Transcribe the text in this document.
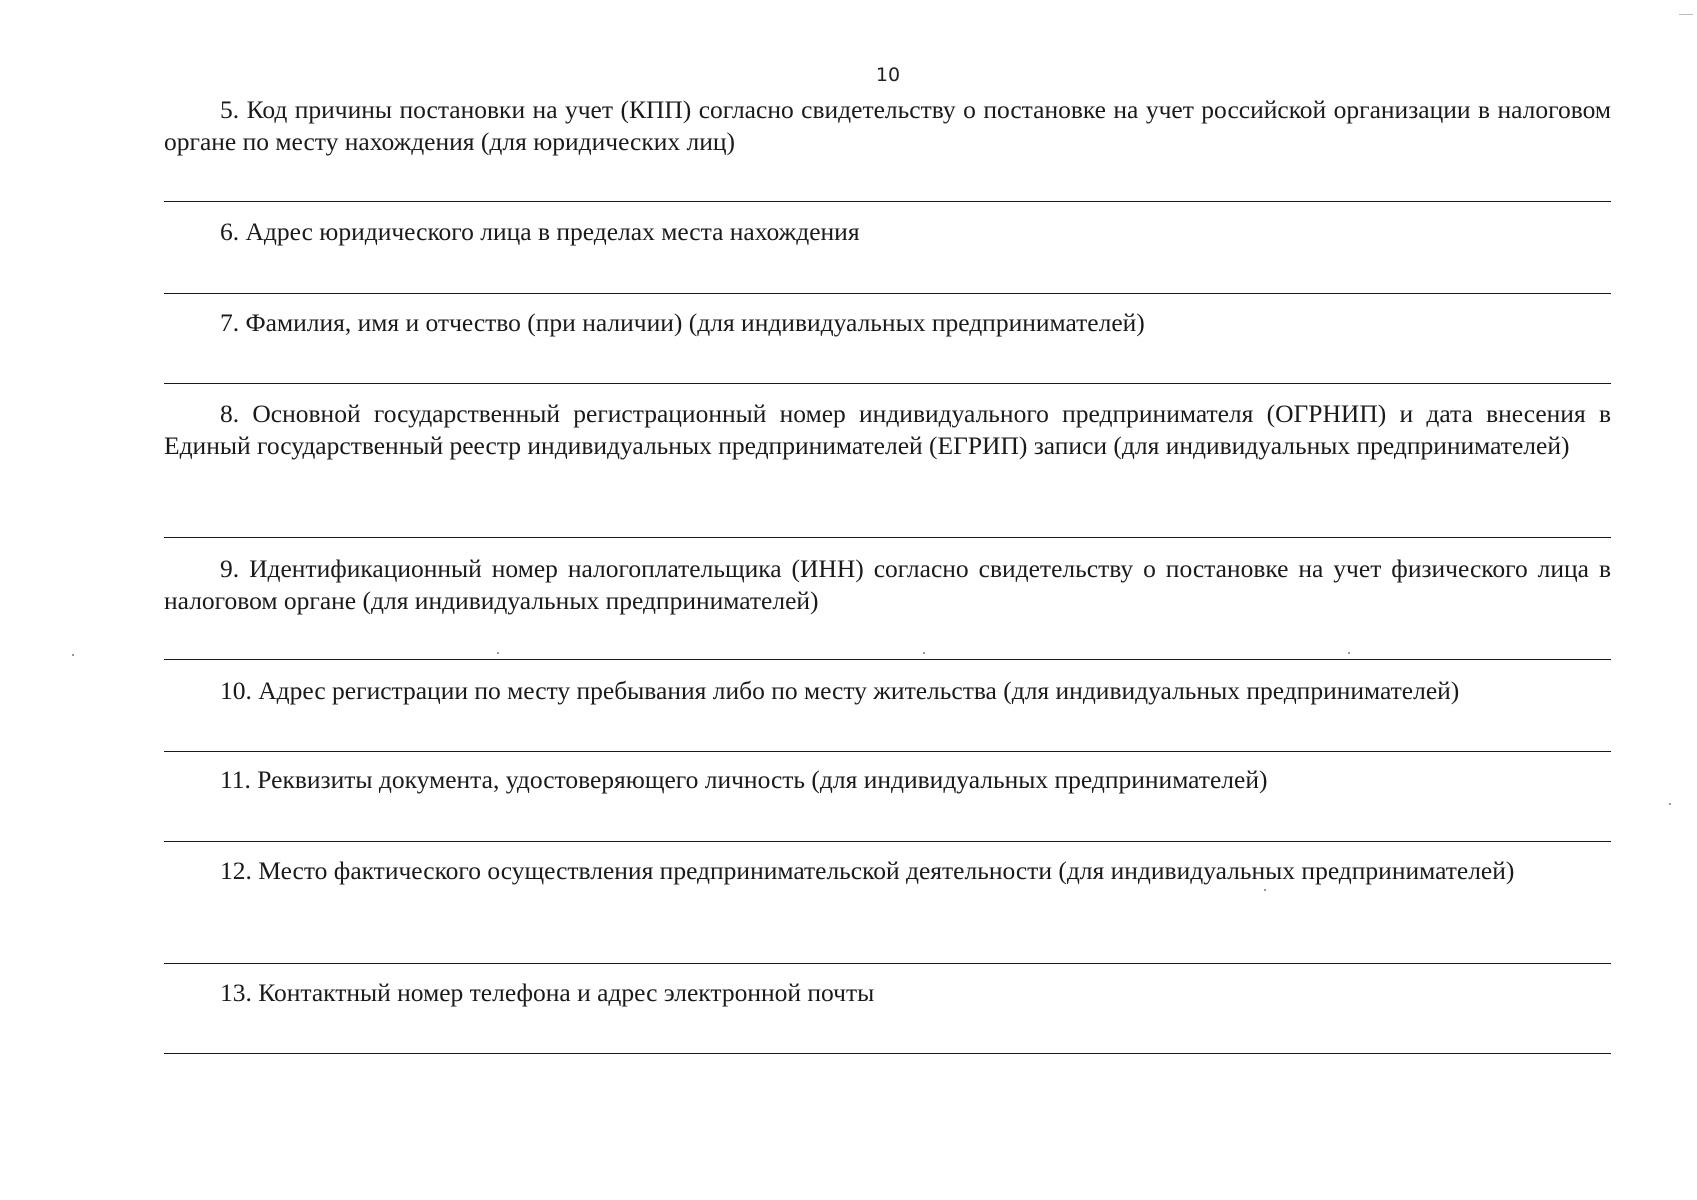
10

5. Код причины постановки на учет (КПП) согласно свидетельству о постановке на учет российской организации в налоговом органе по месту нахождения (для юридических лиц)

6. Адрес юридического лица в пределах места нахождения

7. Фамилия, имя и отчество (при наличии) (для индивидуальных предпринимателей)

8. Основной государственный регистрационный номер индивидуального предпринимателя (ОГРНИП) и дата внесения в Единый государственный реестр индивидуальных предпринимателей (ЕГРИП) записи (для индивидуальных предпринимателей)

9. Идентификационный номер налогоплательщика (ИНН) согласно свидетельству о постановке на учет физического лица в налоговом органе (для индивидуальных предпринимателей)

10. Адрес регистрации по месту пребывания либо по месту жительства (для индивидуальных предпринимателей)

11. Реквизиты документа, удостоверяющего личность (для индивидуальных предпринимателей)

12. Место фактического осуществления предпринимательской деятельности (для индивидуальных предпринимателей)

13. Контактный номер телефона и адрес электронной почты
